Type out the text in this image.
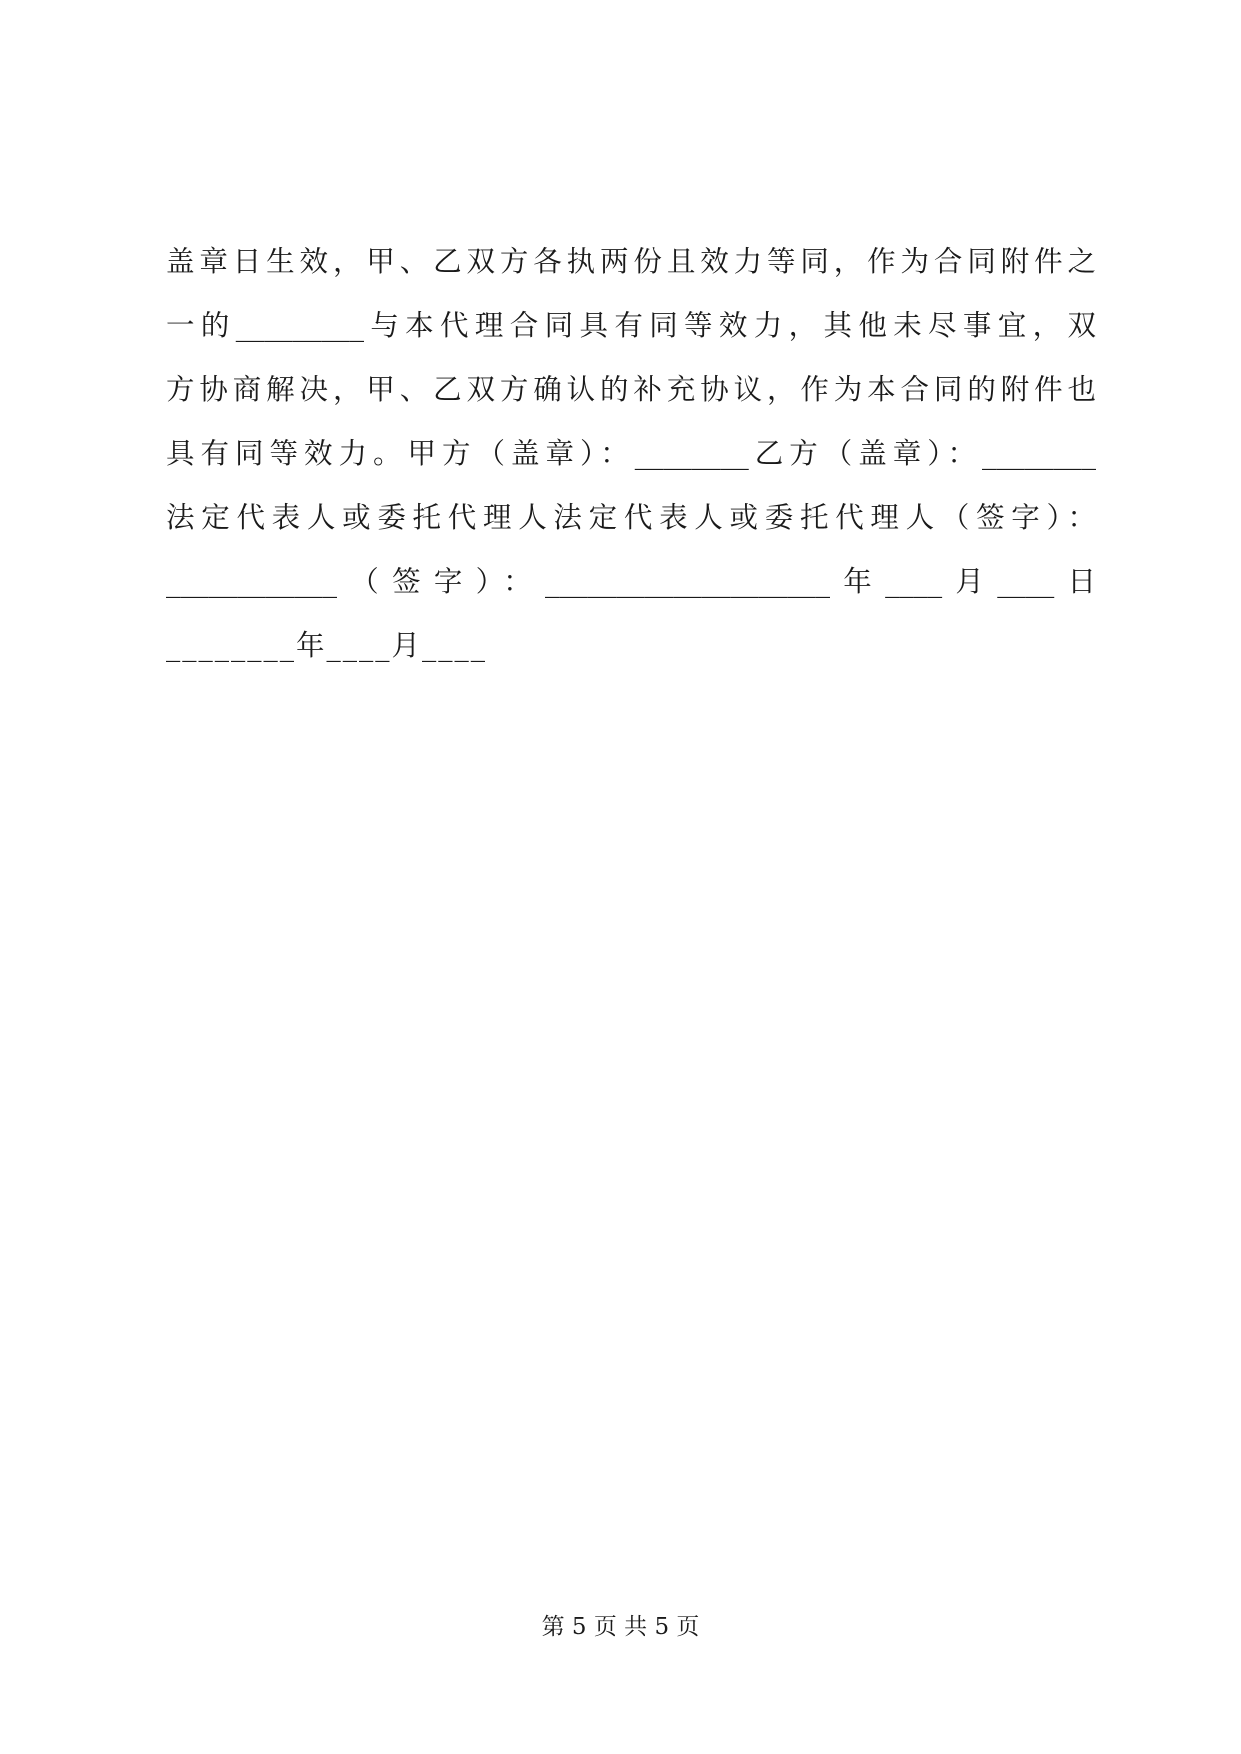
盖章日生效，甲、乙双方各执两份且效力等同，作为合同附件之
一的_________与本代理合同具有同等效力，其他未尽事宜，双
方协商解决，甲、乙双方确认的补充协议，作为本合同的附件也
具有同等效力。甲方（盖章）：________乙方（盖章）：________
法定代表人或委托代理人法定代表人或委托代理人（签字）：
____________（签字）：____________________年____月____日
________年____月____
第 5 页 共 5 页
